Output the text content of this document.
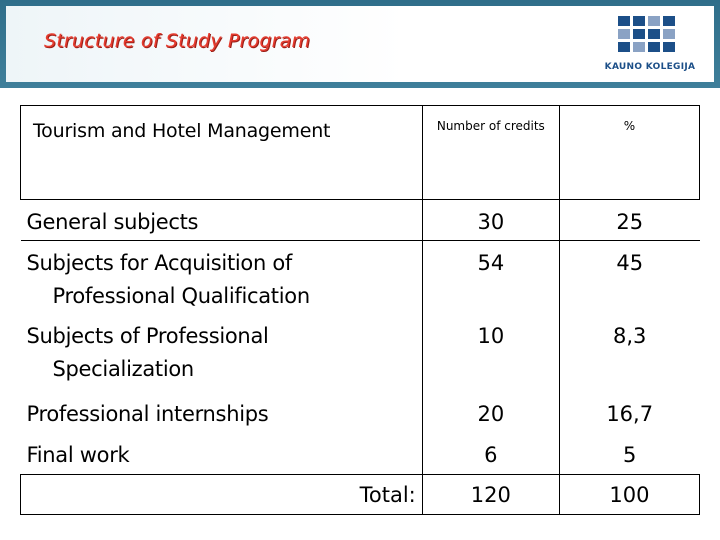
Structure of Study Program
KAUNO KOLEGIJA
Tourism and Hotel Management	Number of credits	%

General subjects	30	25

Subjects for Acquisition of
Professional Qualification	54	45

Subjects of Professional
Specialization	10	8,3

Professional internships	20	16,7

Final work	6	5

Total:	120	100
